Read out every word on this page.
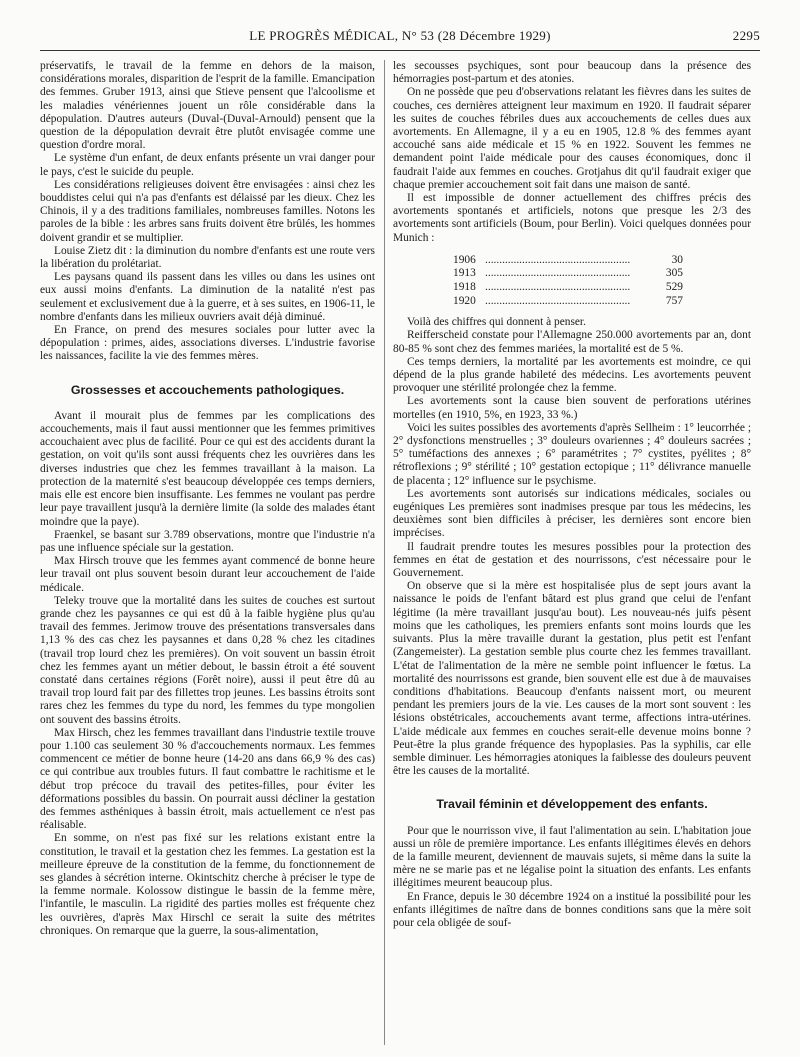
LE PROGRÈS MÉDICAL, N° 53 (28 Décembre 1929)	2295

préservatifs, le travail de la femme en dehors de la maison, considérations morales, disparition de l'esprit de la famille. Emancipation des femmes. Gruber 1913, ainsi que Stieve pensent que l'alcoolisme et les maladies vénériennes jouent un rôle considérable dans la dépopulation. D'autres auteurs (Duval-(Duval-Arnould) pensent que la question de la dépopulation devrait être plutôt envisagée comme une question d'ordre moral.

Le système d'un enfant, de deux enfants présente un vrai danger pour le pays, c'est le suicide du peuple.

Les considérations religieuses doivent être envisagées : ainsi chez les bouddistes celui qui n'a pas d'enfants est délaissé par les dieux. Chez les Chinois, il y a des traditions familiales, nombreuses familles. Notons les paroles de la bible : les arbres sans fruits doivent être brûlés, les hommes doivent grandir et se multiplier.

Louise Zietz dit : la diminution du nombre d'enfants est une route vers la libération du prolétariat.

Les paysans quand ils passent dans les villes ou dans les usines ont eux aussi moins d'enfants. La diminution de la natalité n'est pas seulement et exclusivement due à la guerre, et à ses suites, en 1906-11, le nombre d'enfants dans les milieux ouvriers avait déjà diminué.

En France, on prend des mesures sociales pour lutter avec la dépopulation : primes, aides, associations diverses. L'industrie favorise les naissances, facilite la vie des femmes mères.

Grossesses et accouchements pathologiques.

Avant il mourait plus de femmes par les complications des accouchements, mais il faut aussi mentionner que les femmes primitives accouchaient avec plus de facilité. Pour ce qui est des accidents durant la gestation, on voit qu'ils sont aussi fréquents chez les ouvrières dans les diverses industries que chez les femmes travaillant à la maison. La protection de la maternité s'est beaucoup développée ces temps derniers, mais elle est encore bien insuffisante. Les femmes ne voulant pas perdre leur paye travaillent jusqu'à la dernière limite (la solde des malades étant moindre que la paye).

Fraenkel, se basant sur 3.789 observations, montre que l'industrie n'a pas une influence spéciale sur la gestation.

Max Hirsch trouve que les femmes ayant commencé de bonne heure leur travail ont plus souvent besoin durant leur accouchement de l'aide médicale.

Teleky trouve que la mortalité dans les suites de couches est surtout grande chez les paysannes ce qui est dû à la faible hygiène plus qu'au travail des femmes. Jerimow trouve des présentations transversales dans 1,13 % des cas chez les paysannes et dans 0,28 % chez les citadines (travail trop lourd chez les premières). On voit souvent un bassin étroit chez les femmes ayant un métier debout, le bassin étroit a été souvent constaté dans certaines régions (Forêt noire), aussi il peut être dû au travail trop lourd fait par des fillettes trop jeunes. Les bassins étroits sont rares chez les femmes du type du nord, les femmes du type mongolien ont souvent des bassins étroits.

Max Hirsch, chez les femmes travaillant dans l'industrie textile trouve pour 1.100 cas seulement 30 % d'accouchements normaux. Les femmes commencent ce métier de bonne heure (14-20 ans dans 66,9 % des cas) ce qui contribue aux troubles futurs. Il faut combattre le rachitisme et le début trop précoce du travail des petites-filles, pour éviter les déformations possibles du bassin. On pourrait aussi décliner la gestation des femmes asthéniques à bassin étroit, mais actuellement ce n'est pas réalisable.

En somme, on n'est pas fixé sur les relations existant entre la constitution, le travail et la gestation chez les femmes. La gestation est la meilleure épreuve de la constitution de la femme, du fonctionnement de ses glandes à sécrétion interne. Okintschitz cherche à préciser le type de la femme normale. Kolossow distingue le bassin de la femme mère, l'infantile, le masculin. La rigidité des parties molles est fréquente chez les ouvrières, d'après Max Hirschl ce serait la suite des métrites chroniques. On remarque que la guerre, la sous-alimentation,

les secousses psychiques, sont pour beaucoup dans la présence des hémorragies post-partum et des atonies.

On ne possède que peu d'observations relatant les fièvres dans les suites de couches, ces dernières atteignent leur maximum en 1920. Il faudrait séparer les suites de couches fébriles dues aux accouchements de celles dues aux avortements. En Allemagne, il y a eu en 1905, 12.8 % des femmes ayant accouché sans aide médicale et 15 % en 1922. Souvent les femmes ne demandent point l'aide médicale pour des causes économiques, donc il faudrait l'aide aux femmes en couches. Grotjahus dit qu'il faudrait exiger que chaque premier accouchement soit fait dans une maison de santé.

Il est impossible de donner actuellement des chiffres précis des avortements spontanés et artificiels, notons que presque les 2/3 des avortements sont artificiels (Boum, pour Berlin). Voici quelques données pour Munich :

1906 .....	30
1913 .....	305
1918 .....	529
1920 .....	757

Voilà des chiffres qui donnent à penser.

Reifferscheid constate pour l'Allemagne 250.000 avortements par an, dont 80-85 % sont chez des femmes mariées, la mortalité est de 5 %.

Ces temps derniers, la mortalité par les avortements est moindre, ce qui dépend de la plus grande habileté des médecins. Les avortements peuvent provoquer une stérilité prolongée chez la femme.

Les avortements sont la cause bien souvent de perforations utérines mortelles (en 1910, 5%, en 1923, 33 %.)

Voici les suites possibles des avortements d'après Sellheim : 1° leucorrhée ; 2° dysfonctions menstruelles ; 3° douleurs ovariennes ; 4° douleurs sacrées ; 5° tuméfactions des annexes ; 6° paramétrites ; 7° cystites, pyélites ; 8° rétroflexions ; 9° stérilité ; 10° gestation ectopique ; 11° délivrance manuelle de placenta ; 12° influence sur le psychisme.

Les avortements sont autorisés sur indications médicales, sociales ou eugéniques Les premières sont inadmises presque par tous les médecins, les deuxièmes sont bien difficiles à préciser, les dernières sont encore bien imprécises.

Il faudrait prendre toutes les mesures possibles pour la protection des femmes en état de gestation et des nourrissons, c'est nécessaire pour le Gouvernement.

On observe que si la mère est hospitalisée plus de sept jours avant la naissance le poids de l'enfant bâtard est plus grand que celui de l'enfant légitime (la mère travaillant jusqu'au bout). Les nouveau-nés juifs pèsent moins que les catholiques, les premiers enfants sont moins lourds que les suivants. Plus la mère travaille durant la gestation, plus petit est l'enfant (Zangemeister). La gestation semble plus courte chez les femmes travaillant. L'état de l'alimentation de la mère ne semble point influencer le fœtus. La mortalité des nourrissons est grande, bien souvent elle est due à de mauvaises conditions d'habitations. Beaucoup d'enfants naissent mort, ou meurent pendant les premiers jours de la vie. Les causes de la mort sont souvent : les lésions obstétricales, accouchements avant terme, affections intra-utérines. L'aide médicale aux femmes en couches serait-elle devenue moins bonne ? Peut-être la plus grande fréquence des hypoplasies. Pas la syphilis, car elle semble diminuer. Les hémorragies atoniques la faiblesse des douleurs peuvent être les causes de la mortalité.

Travail féminin et développement des enfants.

Pour que le nourrisson vive, il faut l'alimentation au sein. L'habitation joue aussi un rôle de première importance. Les enfants illégitimes élevés en dehors de la famille meurent, deviennent de mauvais sujets, si même dans la suite la mère ne se marie pas et ne légalise point la situation des enfants. Les enfants illégitimes meurent beaucoup plus.

En France, depuis le 30 décembre 1924 on a institué la possibilité pour les enfants illégitimes de naître dans de bonnes conditions sans que la mère soit pour cela obligée de souf-
